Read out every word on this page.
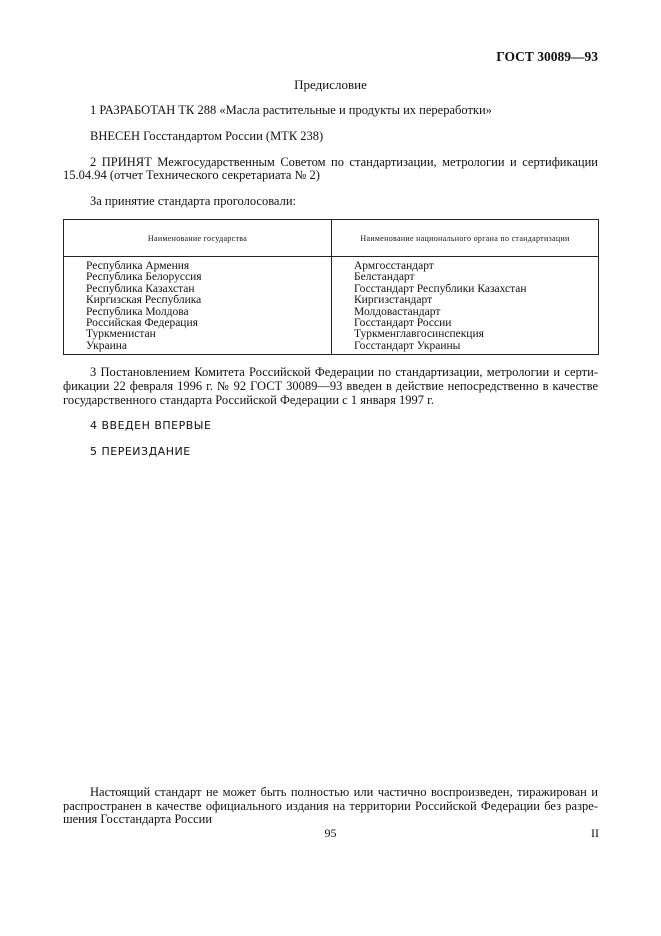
ГОСТ 30089—93
Предисловие
1 РАЗРАБОТАН ТК 288 «Масла растительные и продукты их переработки»
ВНЕСЕН Госстандартом России (МТК 238)
2 ПРИНЯТ Межгосударственным Советом по стандартизации, метрологии и сертификации
15.04.94 (отчет Технического секретариата № 2)
За принятие стандарта проголосовали:
Наименование государства	Наименование национального органа по стандартизации
Республика Армения
Республика Белоруссия
Республика Казахстан
Киргизская Республика
Республика Молдова
Российская Федерация
Туркменистан
Украина
Армгосстандарт
Белстандарт
Госстандарт Республики Казахстан
Киргизстандарт
Молдовастандарт
Госстандарт России
Туркменглавгосинспекция
Госстандарт Украины
3 Постановлением Комитета Российской Федерации по стандартизации, метрологии и серти-
фикации 22 февраля 1996 г. № 92 ГОСТ 30089—93 введен в действие непосредственно в качестве
государственного стандарта Российской Федерации с 1 января 1997 г.
4 ВВЕДЕН ВПЕРВЫЕ
5 ПЕРЕИЗДАНИЕ
Настоящий стандарт не может быть полностью или частично воспроизведен, тиражирован и
распространен в качестве официального издания на территории Российской Федерации без разре-
шения Госстандарта России
95	II
